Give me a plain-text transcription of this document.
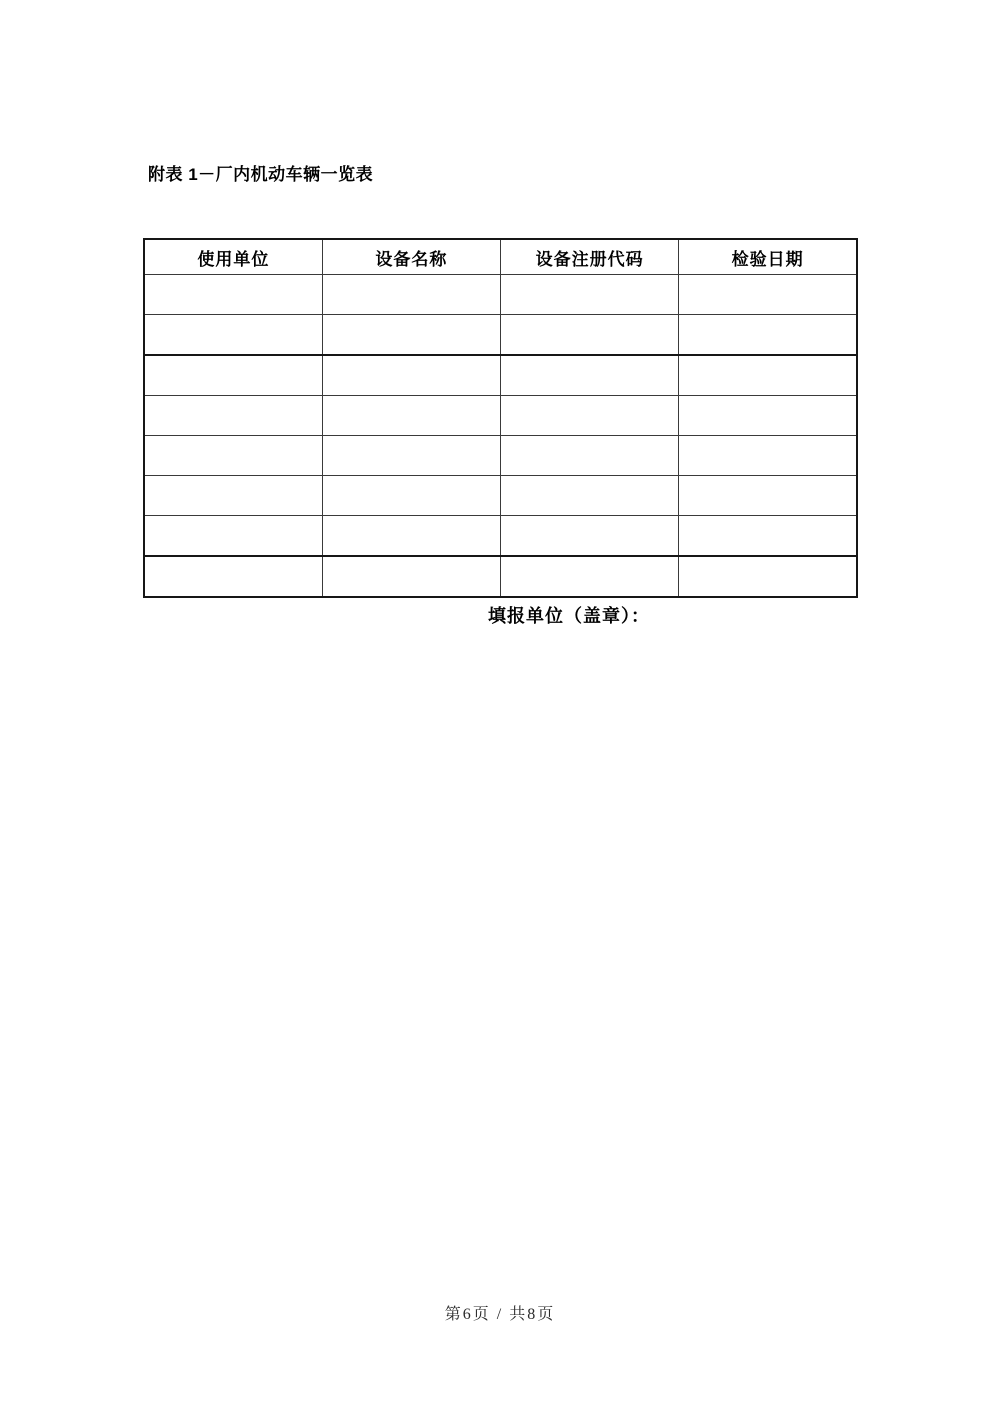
附表 1－厂内机动车辆一览表
使用单位	设备名称	设备注册代码	检验日期

填报单位（盖章）：
第6页 / 共8页
